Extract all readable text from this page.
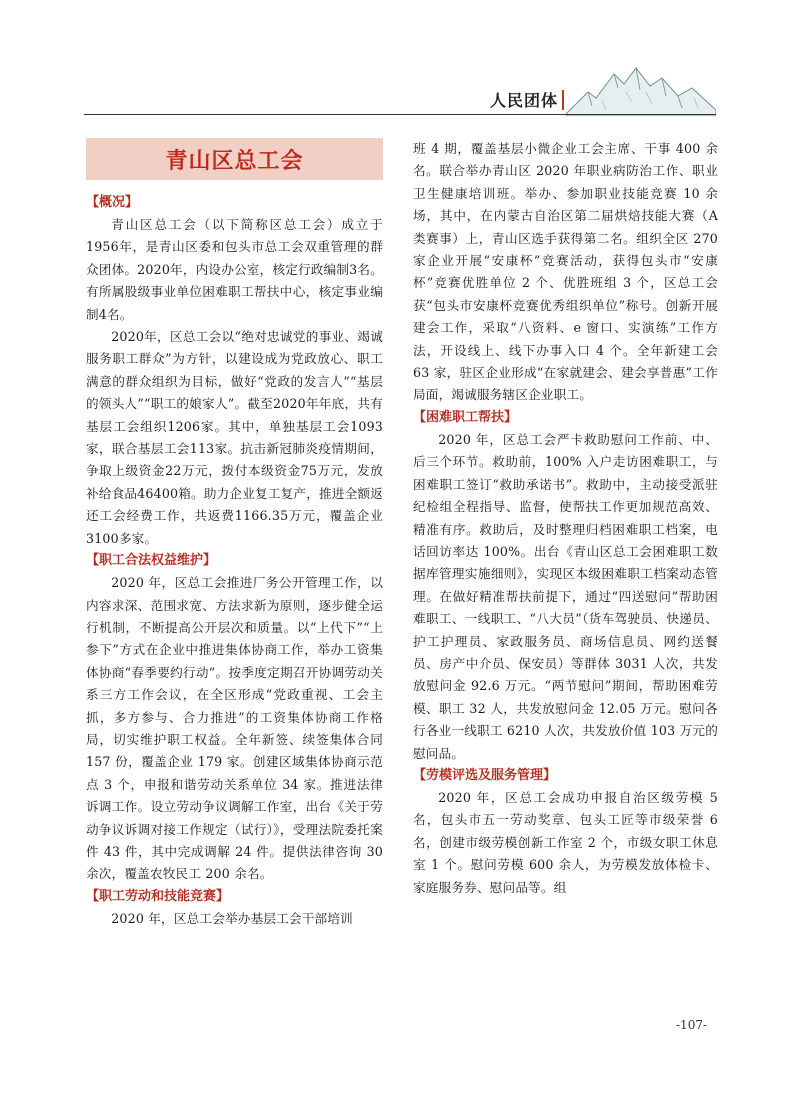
人民团体
青山区总工会
【概况】

青山区总工会（以下简称区总工会）成立于1956年，是青山区委和包头市总工会双重管理的群众团体。2020年，内设办公室，核定行政编制3名。有所属股级事业单位困难职工帮扶中心，核定事业编制4名。

2020年，区总工会以“绝对忠诚党的事业、竭诚服务职工群众”为方针，以建设成为党政放心、职工满意的群众组织为目标，做好“党政的发言人”“基层的领头人”“职工的娘家人”。截至2020年年底，共有基层工会组织1206家。其中，单独基层工会1093家，联合基层工会113家。抗击新冠肺炎疫情期间，争取上级资金22万元，拨付本级资金75万元，发放补给食品46400箱。助力企业复工复产，推进全额返还工会经费工作，共返费1166.35万元，覆盖企业3100多家。

【职工合法权益维护】

2020 年，区总工会推进厂务公开管理工作，以内容求深、范围求宽、方法求新为原则，逐步健全运行机制，不断提高公开层次和质量。以“上代下”“上参下”方式在企业中推进集体协商工作，举办工资集体协商“春季要约行动”。按季度定期召开协调劳动关系三方工作会议，在全区形成“党政重视、工会主抓，多方参与、合力推进”的工资集体协商工作格局，切实维护职工权益。全年新签、续签集体合同 157 份，覆盖企业 179 家。创建区域集体协商示范点 3 个，申报和谐劳动关系单位 34 家。推进法律诉调工作。设立劳动争议调解工作室，出台《关于劳动争议诉调对接工作规定（试行）》，受理法院委托案件 43 件，其中完成调解 24 件。提供法律咨询 30 余次，覆盖农牧民工 200 余名。

【职工劳动和技能竞赛】

2020 年，区总工会举办基层工会干部培训

班 4 期，覆盖基层小微企业工会主席、干事 400 余名。联合举办青山区 2020 年职业病防治工作、职业卫生健康培训班。举办、参加职业技能竞赛 10 余场，其中，在内蒙古自治区第二届烘焙技能大赛（A 类赛事）上，青山区选手获得第二名。组织全区 270 家企业开展“安康杯”竞赛活动，获得包头市“安康杯”竞赛优胜单位 2 个、优胜班组 3 个，区总工会获“包头市安康杯竞赛优秀组织单位”称号。创新开展建会工作，采取“八资料、e 窗口、实演练”工作方法，开设线上、线下办事入口 4 个。全年新建工会 63 家，驻区企业形成“在家就建会、建会享普惠”工作局面，竭诚服务辖区企业职工。

【困难职工帮扶】

2020 年，区总工会严卡救助慰问工作前、中、后三个环节。救助前，100% 入户走访困难职工，与困难职工签订“救助承诺书”。救助中，主动接受派驻纪检组全程指导、监督，使帮扶工作更加规范高效、精准有序。救助后，及时整理归档困难职工档案，电话回访率达 100%。出台《青山区总工会困难职工数据库管理实施细则》，实现区本级困难职工档案动态管理。在做好精准帮扶前提下，通过“四送慰问”帮助困难职工、一线职工、“八大员”（货车驾驶员、快递员、护工护理员、家政服务员、商场信息员、网约送餐员、房产中介员、保安员）等群体 3031 人次，共发放慰问金 92.6 万元。“两节慰问”期间，帮助困难劳模、职工 32 人，共发放慰问金 12.05 万元。慰问各行各业一线职工 6210 人次，共发放价值 103 万元的慰问品。

【劳模评选及服务管理】

2020 年，区总工会成功申报自治区级劳模 5 名，包头市五一劳动奖章、包头工匠等市级荣誉 6 名，创建市级劳模创新工作室 2 个，市级女职工休息室 1 个。慰问劳模 600 余人，为劳模发放体检卡、家庭服务券、慰问品等。组

-107-
